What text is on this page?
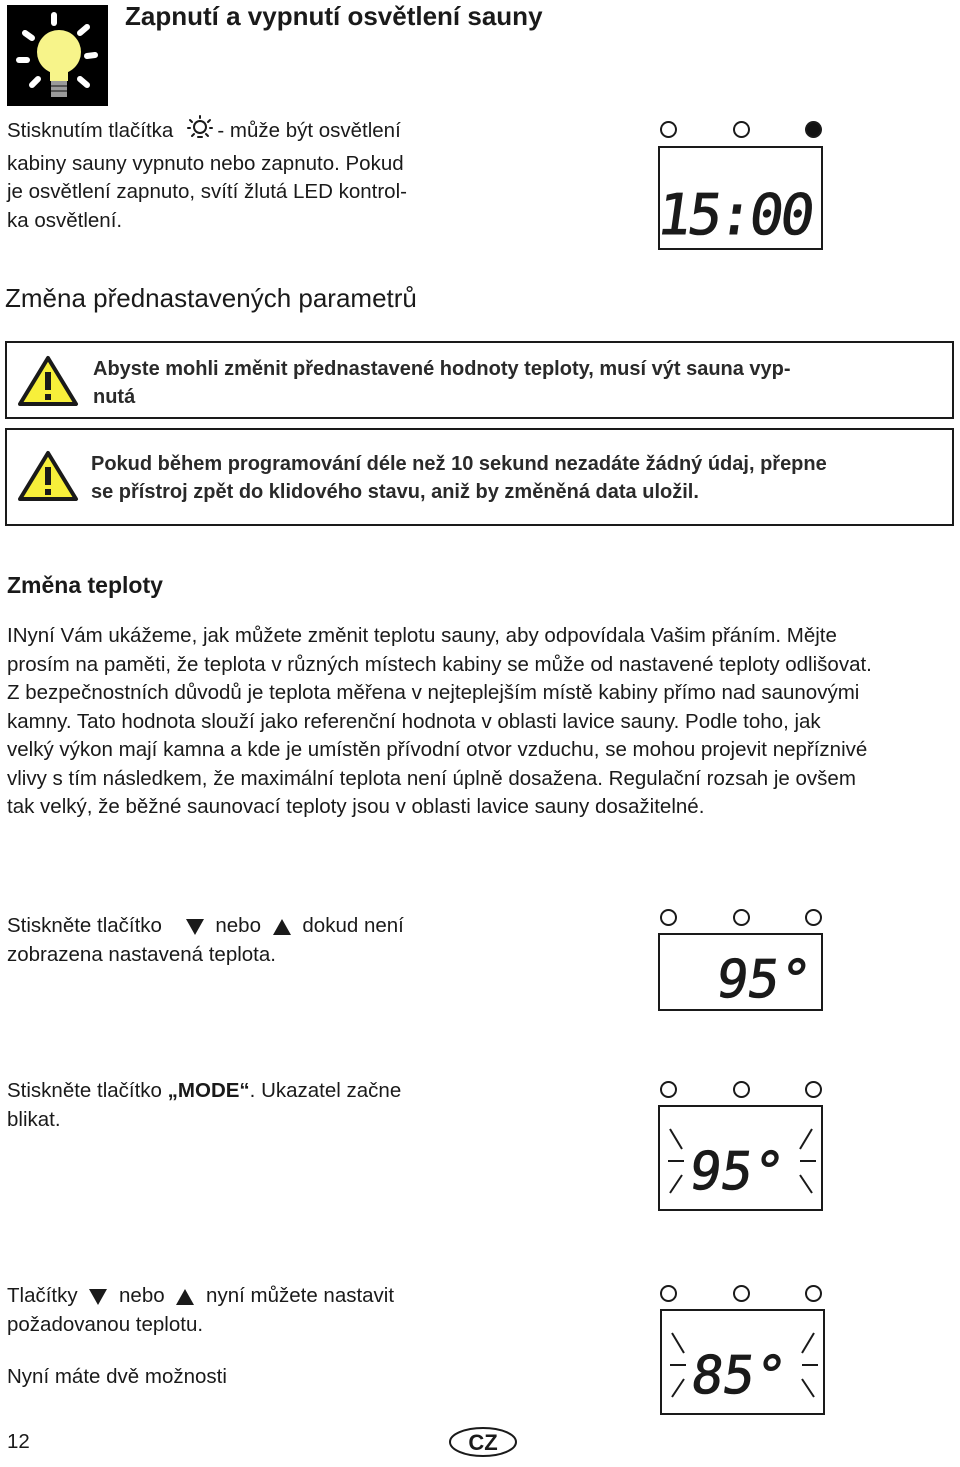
Zapnutí a vypnutí osvětlení sauny
Stisknutím tlačítka - může být osvětlení
kabiny sauny vypnuto nebo zapnuto. Pokud
je osvětlení zapnuto, svítí žlutá LED kontrol-
ka osvětlení.	15:00
Změna přednastavených parametrů
Abyste mohli změnit přednastavené hodnoty teploty, musí výt sauna vyp-
nutá
Pokud během programování déle než 10 sekund nezadáte žádný údaj, přepne
se přístroj zpět do klidového stavu, aniž by změněná data uložil.
Změna teploty
INyní Vám ukážeme, jak můžete změnit teplotu sauny, aby odpovídala Vašim přáním. Mějte
prosím na paměti, že teplota v různých místech kabiny se může od nastavené teploty odlišovat.
Z bezpečnostních důvodů je teplota měřena v nejteplejším místě kabiny přímo nad saunovými
kamny. Tato hodnota slouží jako referenční hodnota v oblasti lavice sauny. Podle toho, jak
velký výkon mají kamna a kde je umístěn přívodní otvor vzduchu, se mohou projevit nepříznivé
vlivy s tím následkem, že maximální teplota není úplně dosažena. Regulační rozsah je ovšem
tak velký, že běžné saunovací teploty jsou v oblasti lavice sauny dosažitelné.
Stiskněte tlačítko	nebo dokud není
zobrazena nastavená teplota.	95°
Stiskněte tlačítko „MODE“. Ukazatel začne
blikat.
95°
Tlačítky nebo nyní můžete nastavit
požadovanou teplotu.
Nyní máte dvě možnosti	85°
12	CZ
